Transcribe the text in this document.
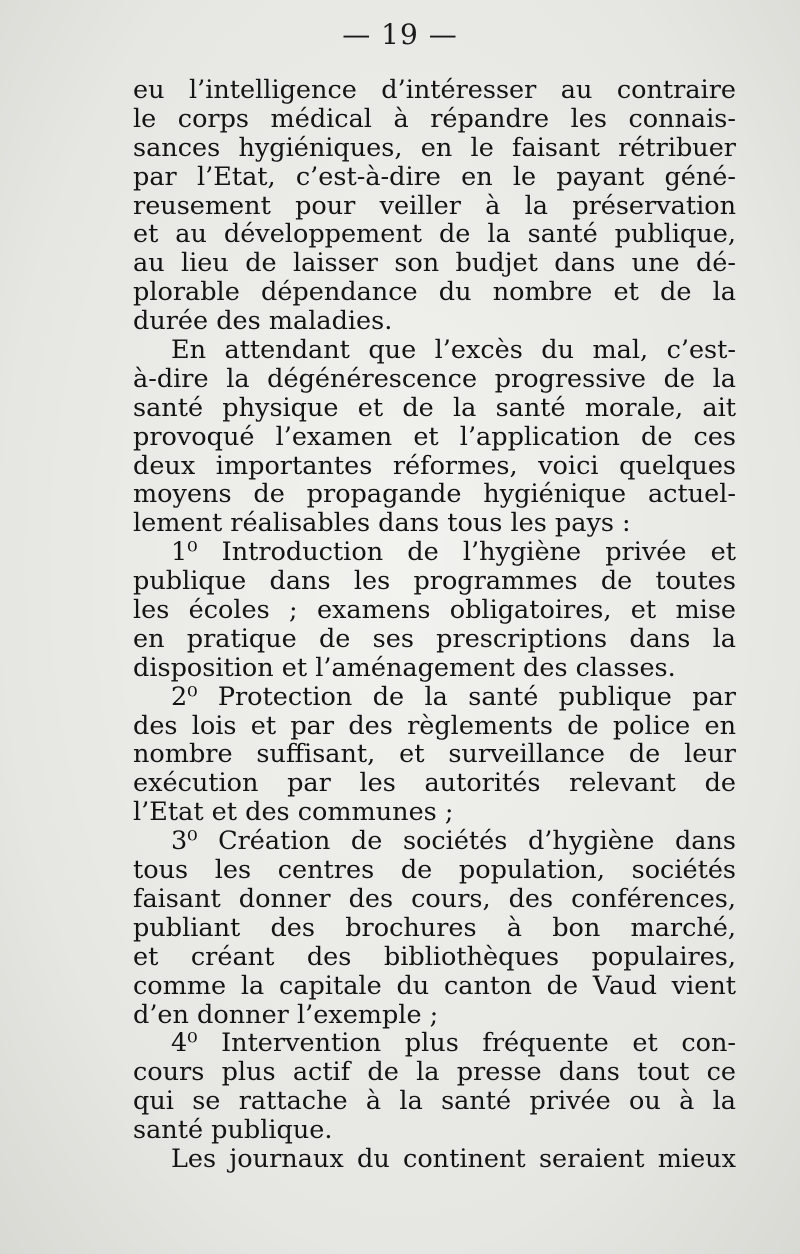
— 19 —
eu l’intelligence d’intéresser au contraire
le corps médical à répandre les connais-
sances hygiéniques, en le faisant rétribuer
par l’Etat, c’est-à-dire en le payant géné-
reusement pour veiller à la préservation
et au développement de la santé publique,
au lieu de laisser son budjet dans une dé-
plorable dépendance du nombre et de la
durée des maladies.
En attendant que l’excès du mal, c’est-
à-dire la dégénérescence progressive de la
santé physique et de la santé morale, ait
provoqué l’examen et l’application de ces
deux importantes réformes, voici quelques
moyens de propagande hygiénique actuel-
lement réalisables dans tous les pays :
1⁰ Introduction de l’hygiène privée et
publique dans les programmes de toutes
les écoles ; examens obligatoires, et mise
en pratique de ses prescriptions dans la
disposition et l’aménagement des classes.
2⁰ Protection de la santé publique par
des lois et par des règlements de police en
nombre suffisant, et surveillance de leur
exécution par les autorités relevant de
l’Etat et des communes ;
3⁰ Création de sociétés d’hygiène dans
tous les centres de population, sociétés
faisant donner des cours, des conférences,
publiant des brochures à bon marché,
et créant des bibliothèques populaires,
comme la capitale du canton de Vaud vient
d’en donner l’exemple ;
4⁰ Intervention plus fréquente et con-
cours plus actif de la presse dans tout ce
qui se rattache à la santé privée ou à la
santé publique.
Les journaux du continent seraient mieux
